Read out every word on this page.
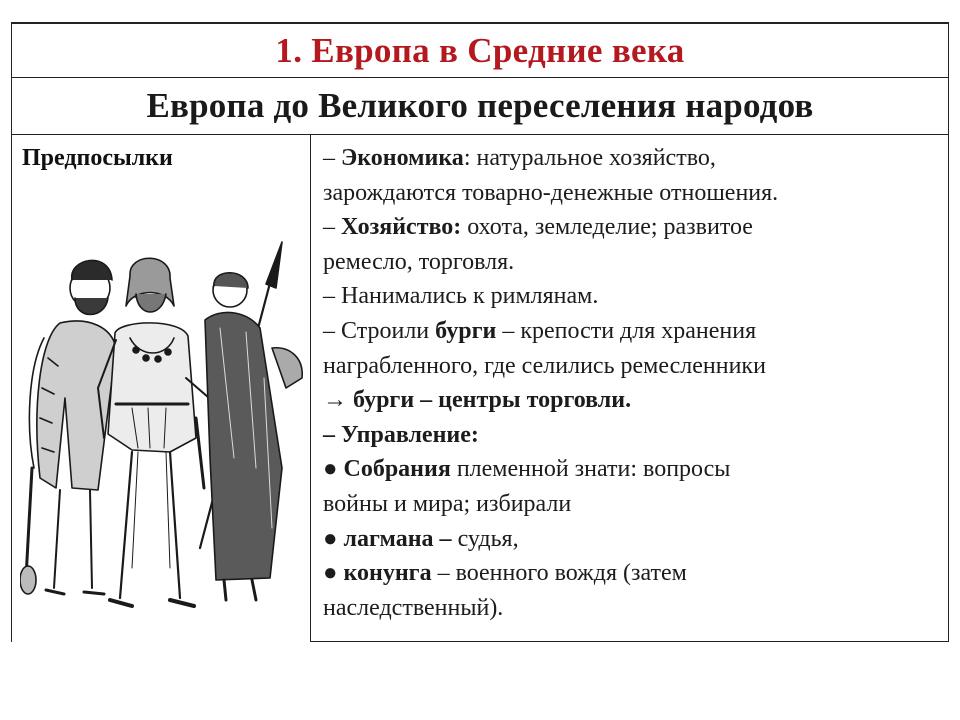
1. Европа в Средние века
Европа до Великого переселения народов
Предпосылки	– Экономика: натуральное хозяйство,

зарождаются товарно-денежные отношения.

– Хозяйство: охота, земледелие; развитое

ремесло, торговля.

– Нанимались к римлянам.

– Строили бурги – крепости для хранения

награбленного, где селились ремесленники

→ бурги – центры торговли.

– Управление:

● Собрания племенной знати: вопросы

войны и мира; избирали

● лагмана – судья,

● конунга – военного вождя (затем

наследственный).
